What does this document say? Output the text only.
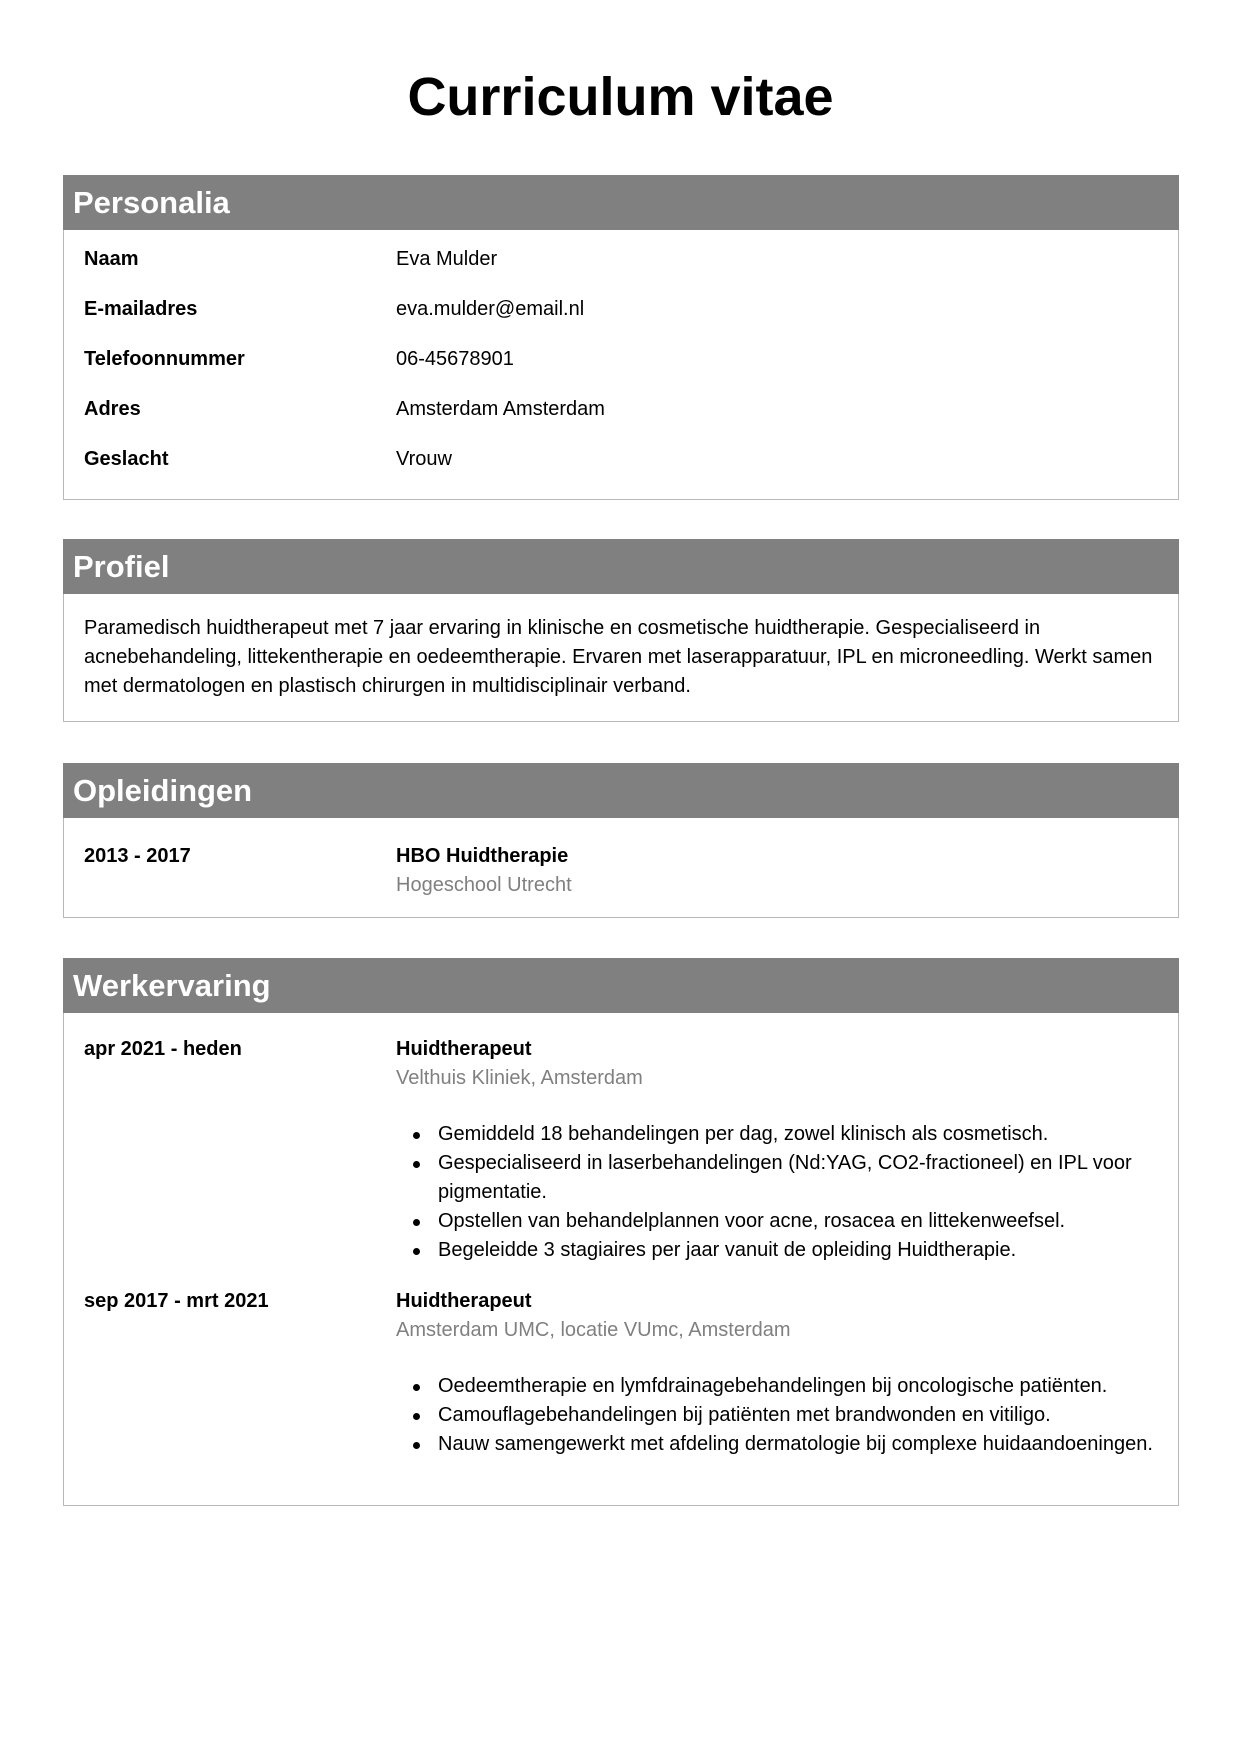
Curriculum vitae
Personalia
Naam	Eva Mulder
E-mailadres	eva.mulder@email.nl
Telefoonnummer	06-45678901
Adres	Amsterdam Amsterdam
Geslacht	Vrouw
Profiel
Paramedisch huidtherapeut met 7 jaar ervaring in klinische en cosmetische huidtherapie. Gespecialiseerd in acnebehandeling, littekentherapie en oedeemtherapie. Ervaren met laserapparatuur, IPL en microneedling. Werkt samen met dermatologen en plastisch chirurgen in multidisciplinair verband.
Opleidingen
2013 - 2017	HBO Huidtherapie
Hogeschool Utrecht
Werkervaring
apr 2021 - heden	Huidtherapeut
Velthuis Kliniek, Amsterdam
Gemiddeld 18 behandelingen per dag, zowel klinisch als cosmetisch.
Gespecialiseerd in laserbehandelingen (Nd:YAG, CO2-fractioneel) en IPL voor pigmentatie.
Opstellen van behandelplannen voor acne, rosacea en littekenweefsel.
Begeleidde 3 stagiaires per jaar vanuit de opleiding Huidtherapie.
sep 2017 - mrt 2021	Huidtherapeut
Amsterdam UMC, locatie VUmc, Amsterdam
Oedeemtherapie en lymfdrainagebehandelingen bij oncologische patiënten.
Camouflagebehandelingen bij patiënten met brandwonden en vitiligo.
Nauw samengewerkt met afdeling dermatologie bij complexe huidaandoeningen.
